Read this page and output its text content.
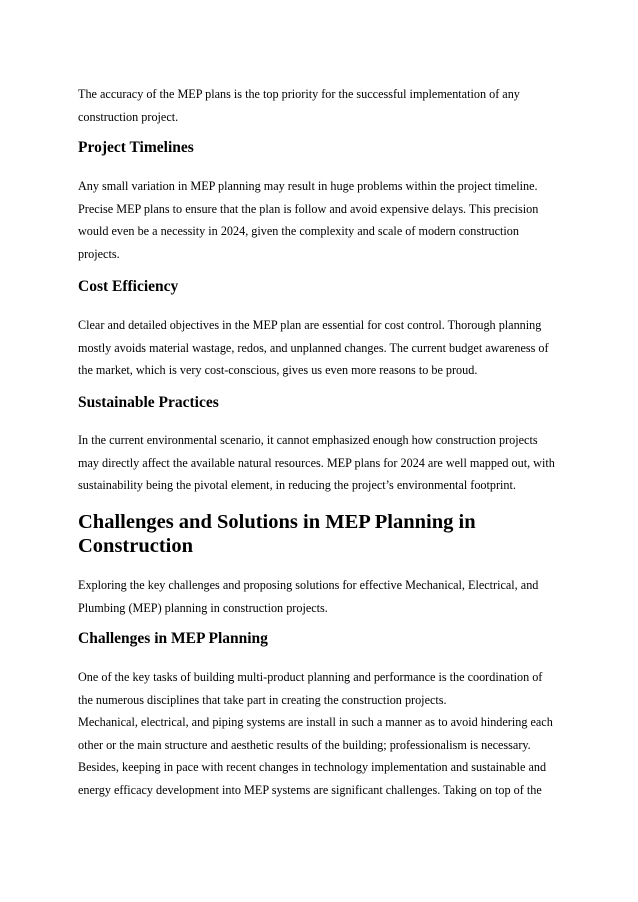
The accuracy of the MEP plans is the top priority for the successful implementation of any

construction project.

Project Timelines

Any small variation in MEP planning may result in huge problems within the project timeline.

Precise MEP plans to ensure that the plan is follow and avoid expensive delays. This precision

would even be a necessity in 2024, given the complexity and scale of modern construction

projects.

Cost Efficiency

Clear and detailed objectives in the MEP plan are essential for cost control. Thorough planning

mostly avoids material wastage, redos, and unplanned changes. The current budget awareness of

the market, which is very cost-conscious, gives us even more reasons to be proud.

Sustainable Practices

In the current environmental scenario, it cannot emphasized enough how construction projects

may directly affect the available natural resources. MEP plans for 2024 are well mapped out, with

sustainability being the pivotal element, in reducing the project’s environmental footprint.

Challenges and Solutions in MEP Planning in
Construction

Exploring the key challenges and proposing solutions for effective Mechanical, Electrical, and

Plumbing (MEP) planning in construction projects.

Challenges in MEP Planning

One of the key tasks of building multi-product planning and performance is the coordination of

the numerous disciplines that take part in creating the construction projects.

Mechanical, electrical, and piping systems are install in such a manner as to avoid hindering each

other or the main structure and aesthetic results of the building; professionalism is necessary.

Besides, keeping in pace with recent changes in technology implementation and sustainable and

energy efficacy development into MEP systems are significant challenges. Taking on top of the
